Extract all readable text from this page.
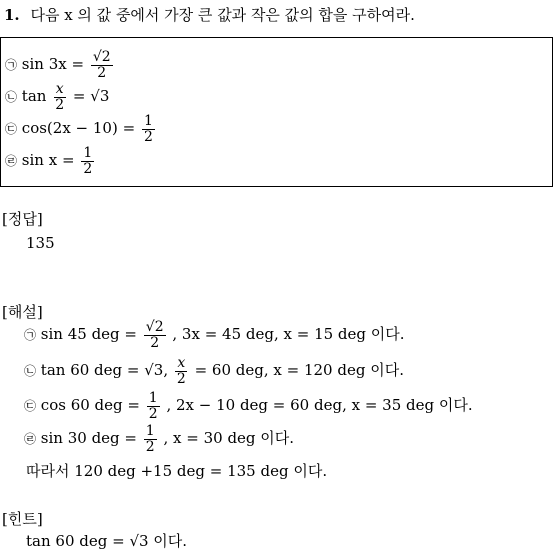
1. 다음 x 의 값 중에서 가장 큰 값과 작은 값의 합을 구하여라.
㉠ $\sin 3x = \frac{√2}{2}$
㉡ $\tan \frac{x}{2} = √3$
㉢ $\cos(2x - 10) = \frac{1}{2}$
㉣ $\sin x = \frac{1}{2}$
[정답]
135
[해설]
㉠ sin 45 deg = $\frac{√2}{2}$ , 3x = 45 deg, x = 15 deg 이다.
㉡ tan 60 deg = √3, $\frac{x}{2} = 60$ deg, x = 120 deg 이다.
㉢ cos 60 deg = $\frac{1}{2}$ , 2x − 10 deg = 60 deg, x = 35 deg 이다.
㉣ sin 30 deg = $\frac{1}{2}$ , x = 30 deg 이다.
따라서 120 deg +15 deg = 135 deg 이다.
[힌트]
tan 60 deg = √3 이다.
